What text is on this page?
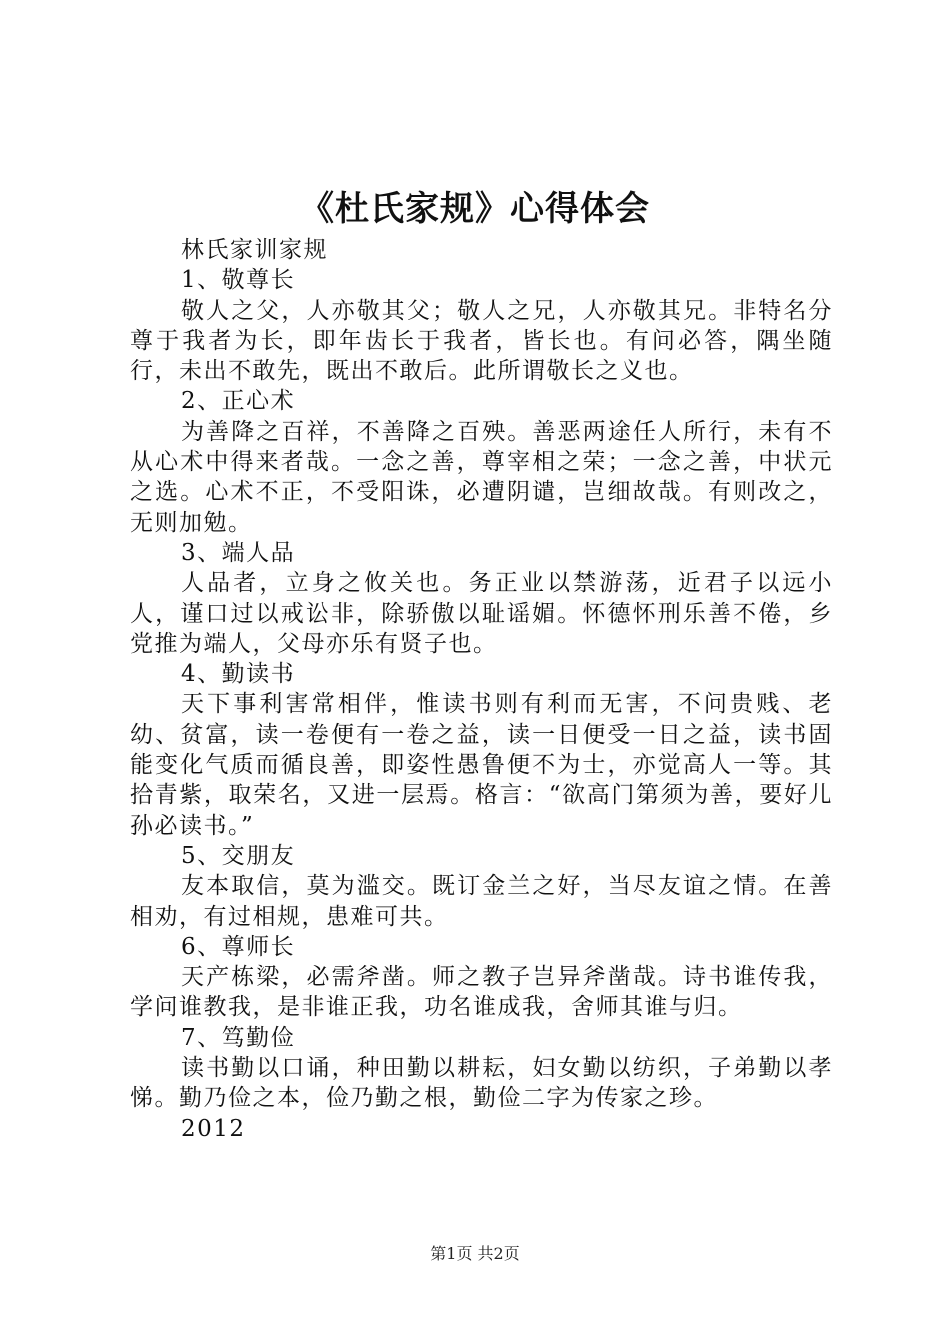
《杜氏家规》心得体会

林氏家训家规

1、敬尊长

敬人之父，人亦敬其父；敬人之兄，人亦敬其兄。非特名分尊于我者为长，即年齿长于我者，皆长也。有问必答，隅坐随行，未出不敢先，既出不敢后。此所谓敬长之义也。

2、正心术

为善降之百祥，不善降之百殃。善恶两途任人所行，未有不从心术中得来者哉。一念之善，尊宰相之荣；一念之善，中状元之选。心术不正，不受阳诛，必遭阴谴，岂细故哉。有则改之，无则加勉。

3、端人品

人品者，立身之攸关也。务正业以禁游荡，近君子以远小人，谨口过以戒讼非，除骄傲以耻谣媚。怀德怀刑乐善不倦，乡党推为端人，父母亦乐有贤子也。

4、勤读书

天下事利害常相伴，惟读书则有利而无害，不问贵贱、老幼、贫富，读一卷便有一卷之益，读一日便受一日之益，读书固能变化气质而循良善，即姿性愚鲁便不为士，亦觉高人一等。其拾青紫，取荣名，又进一层焉。格言：“欲高门第须为善，要好儿孙必读书。”

5、交朋友

友本取信，莫为滥交。既订金兰之好，当尽友谊之情。在善相劝，有过相规，患难可共。

6、尊师长

天产栋梁，必需斧凿。师之教子岂异斧凿哉。诗书谁传我，学问谁教我，是非谁正我，功名谁成我，舍师其谁与归。

7、笃勤俭

读书勤以口诵，种田勤以耕耘，妇女勤以纺织，子弟勤以孝悌。勤乃俭之本，俭乃勤之根，勤俭二字为传家之珍。

2012

第1页 共2页
